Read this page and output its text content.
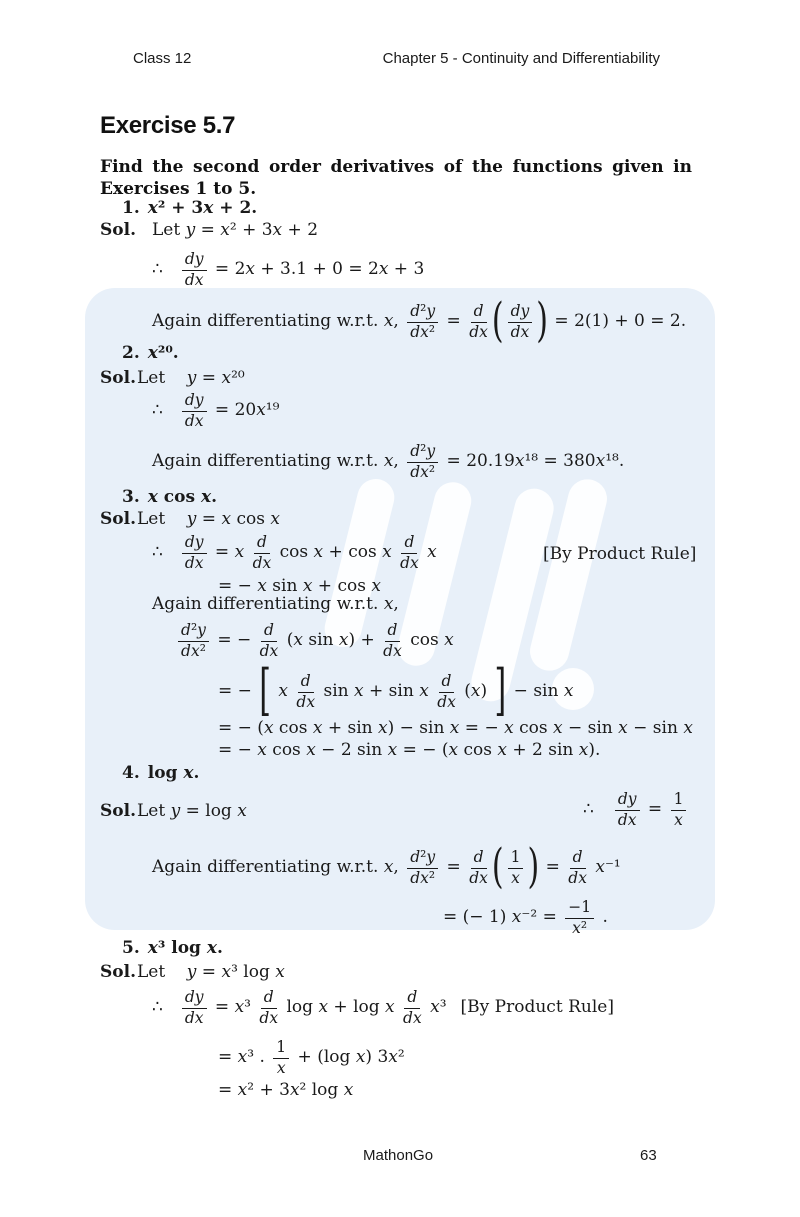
Class 12	Chapter 5 - Continuity and Differentiability
Exercise 5.7
Find the second order derivatives of the functions given in Exercises 1 to 5.
1. x² + 3x + 2.
Sol. Let y = x² + 3x + 2
∴ $\frac{dy}{dx} = 2x + 3.1 + 0 = 2x + 3$
Again differentiating w.r.t. x, $\frac{\text{d²y}}{\text{dx²}} = \frac{d}{dx}$ ( $\frac{dy}{dx}$ ) = 2(1) + 0 = 2.
2. x²⁰.
Sol. Let    y = x²⁰
∴ $\frac{dy}{dx} = 20x^{19}$
Again differentiating w.r.t. x, $\frac{\text{d²y}}{\text{dx²}} = 20.19x^{18} = 380x^{18}$.
3. x cos x.
Sol. Let    y = x cos x
∴ $\frac{dy}{dx} = x \frac{d}{dx}$ cos x + cos x $\frac{d}{dx}$ x	[By Product Rule]
= − x sin x + cos x
Again differentiating w.r.t. x,
$\frac{\text{d²y}}{\text{dx²}}$ = − $\frac{d}{dx} (x$ $\sin x) + \frac{d}{dx}$ cos x
= − [ x $\frac{d}{dx}$ sin x + sin x $\frac{d}{dx} (x)$ ] − sin x
= − (x cos x + sin x) − sin x = − x cos x − sin x − sin x
= − x cos x − 2 sin x = − (x cos x + 2 sin x).
4. log x.
Sol. Let y = log x	∴ $\frac{dy}{dx} = \frac{1}{x}$
Again differentiating w.r.t. x, $\frac{\text{d²y}}{\text{dx²}} = \frac{d}{dx}$ ( $\frac{1}{x}$ ) = $\frac{d}{dx} x^{-1}$
= (− 1) $x^{-2} = \frac{-1}{\text{x²}}$ .
5. x³ log x.
Sol. Let    y = x³ log x
∴ $\frac{dy}{dx} = x^3 \frac{d}{dx}$ log x + log x $\frac{d}{dx} x^3$ [By Product Rule]
= x³ . $\frac{1}{x} + (\log$ x) 3x²
= x² + 3x² log x
MathonGo	63
